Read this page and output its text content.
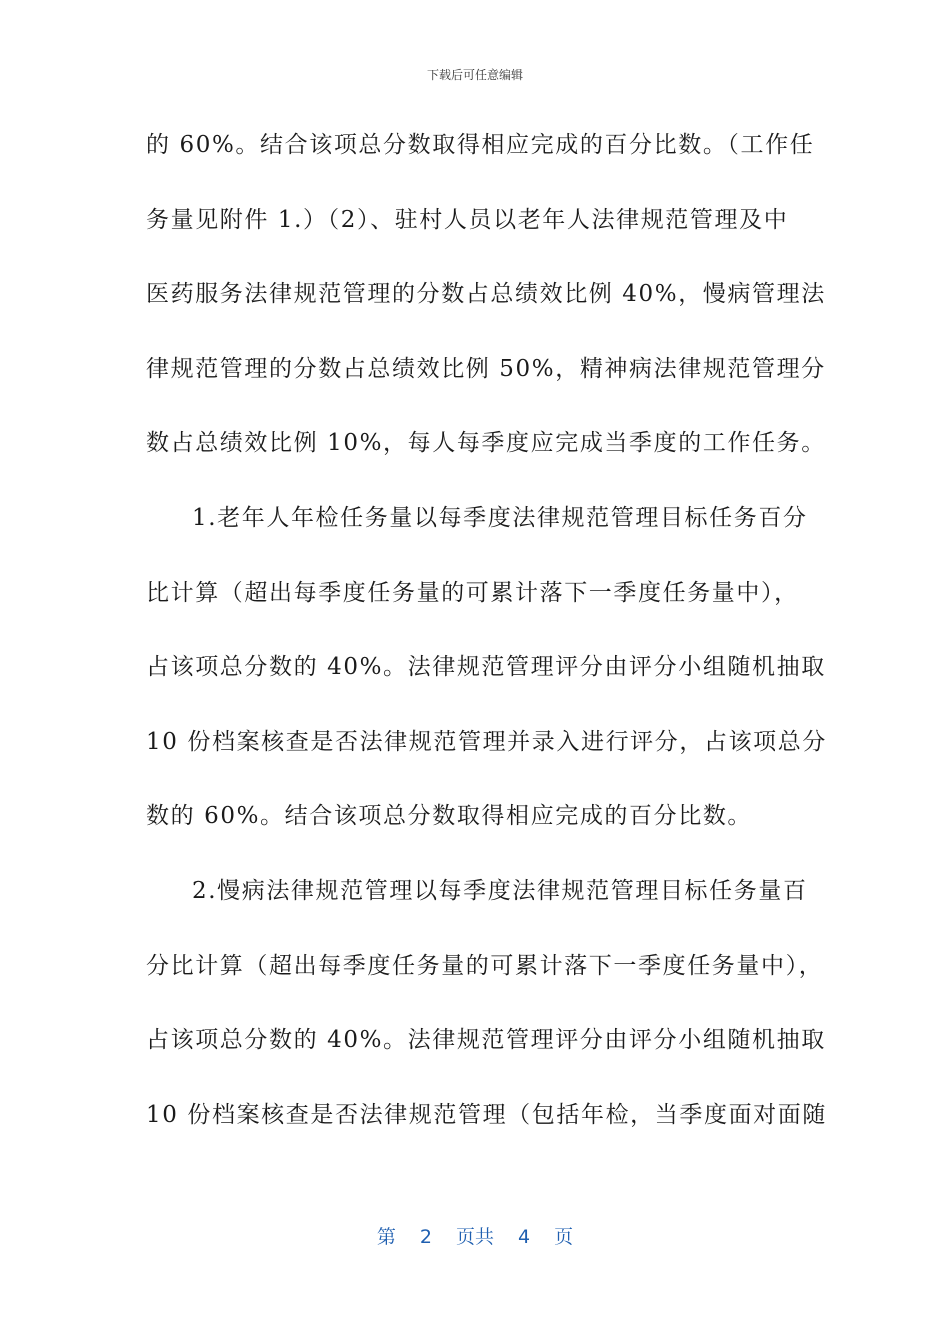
下载后可任意编辑
的 60%。结合该项总分数取得相应完成的百分比数。（工作任
务量见附件 1.）（2）、驻村人员以老年人法律规范管理及中
医药服务法律规范管理的分数占总绩效比例 40%，慢病管理法
律规范管理的分数占总绩效比例 50%，精神病法律规范管理分
数占总绩效比例 10%，每人每季度应完成当季度的工作任务。
1.老年人年检任务量以每季度法律规范管理目标任务百分
比计算（超出每季度任务量的可累计落下一季度任务量中），
占该项总分数的 40%。法律规范管理评分由评分小组随机抽取
10 份档案核查是否法律规范管理并录入进行评分，占该项总分
数的 60%。结合该项总分数取得相应完成的百分比数。
2.慢病法律规范管理以每季度法律规范管理目标任务量百
分比计算（超出每季度任务量的可累计落下一季度任务量中），
占该项总分数的 40%。法律规范管理评分由评分小组随机抽取
10 份档案核查是否法律规范管理（包括年检，当季度面对面随
第 2 页共 4 页
